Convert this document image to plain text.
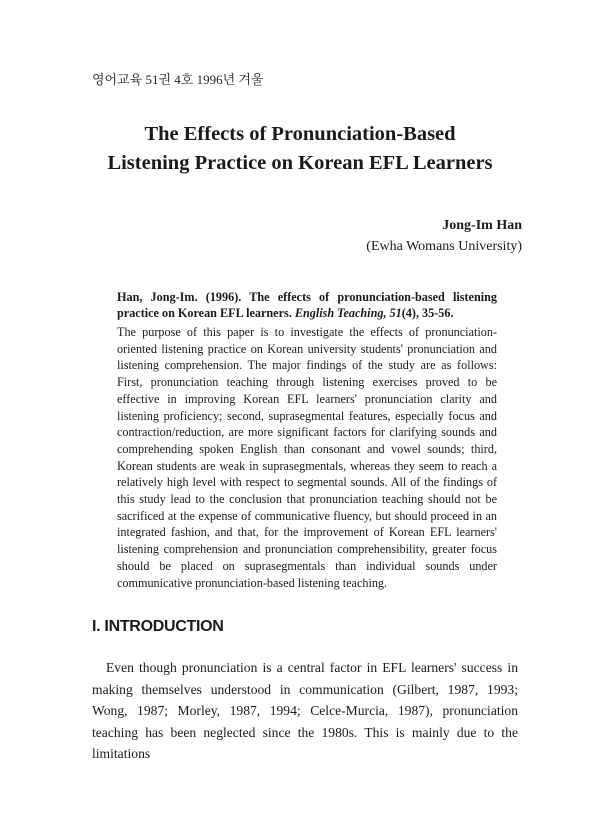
영어교육 51권 4호 1996년 겨울
The Effects of Pronunciation-Based
Listening Practice on Korean EFL Learners
Jong-Im Han
(Ewha Womans University)
Han, Jong-Im. (1996). The effects of pronunciation-based listening practice on Korean EFL learners. English Teaching, 51(4), 35-56.
The purpose of this paper is to investigate the effects of pronunciation-oriented listening practice on Korean university students' pronunciation and listening comprehension. The major findings of the study are as follows: First, pronunciation teaching through listening exercises proved to be effective in improving Korean EFL learners' pronunciation clarity and listening proficiency; second, suprasegmental features, especially focus and contraction/reduction, are more significant factors for clarifying sounds and comprehending spoken English than consonant and vowel sounds; third, Korean students are weak in suprasegmentals, whereas they seem to reach a relatively high level with respect to segmental sounds. All of the findings of this study lead to the conclusion that pronunciation teaching should not be sacrificed at the expense of communicative fluency, but should proceed in an integrated fashion, and that, for the improvement of Korean EFL learners' listening comprehension and pronunciation comprehensibility, greater focus should be placed on suprasegmentals than individual sounds under communicative pronunciation-based listening teaching.
I. INTRODUCTION

Even though pronunciation is a central factor in EFL learners' success in making themselves understood in communication (Gilbert, 1987, 1993; Wong, 1987; Morley, 1987, 1994; Celce-Murcia, 1987), pronunciation teaching has been neglected since the 1980s. This is mainly due to the limitations
